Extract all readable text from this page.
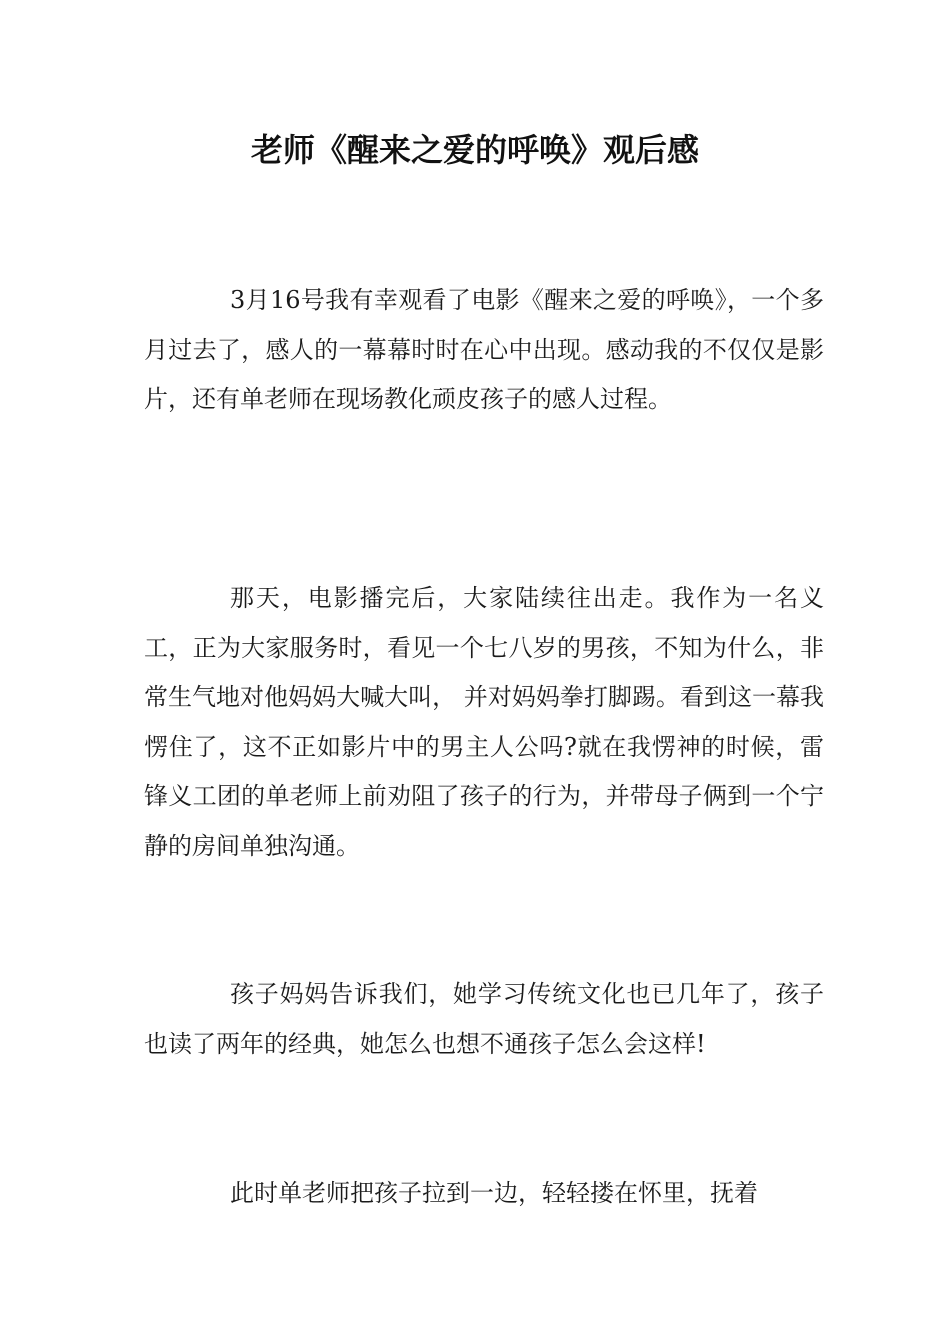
老师《醒来之爱的呼唤》观后感

3月16号我有幸观看了电影《醒来之爱的呼唤》，一个多月过去了，感人的一幕幕时时在心中出现。感动我的不仅仅是影片，还有单老师在现场教化顽皮孩子的感人过程。

那天，电影播完后，大家陆续往出走。我作为一名义工，正为大家服务时，看见一个七八岁的男孩，不知为什么，非常生气地对他妈妈大喊大叫， 并对妈妈拳打脚踢。看到这一幕我愣住了，这不正如影片中的男主人公吗?就在我愣神的时候，雷锋义工团的单老师上前劝阻了孩子的行为，并带母子俩到一个宁静的房间单独沟通。

孩子妈妈告诉我们，她学习传统文化也已几年了，孩子也读了两年的经典，她怎么也想不通孩子怎么会这样!

此时单老师把孩子拉到一边，轻轻搂在怀里，抚着
